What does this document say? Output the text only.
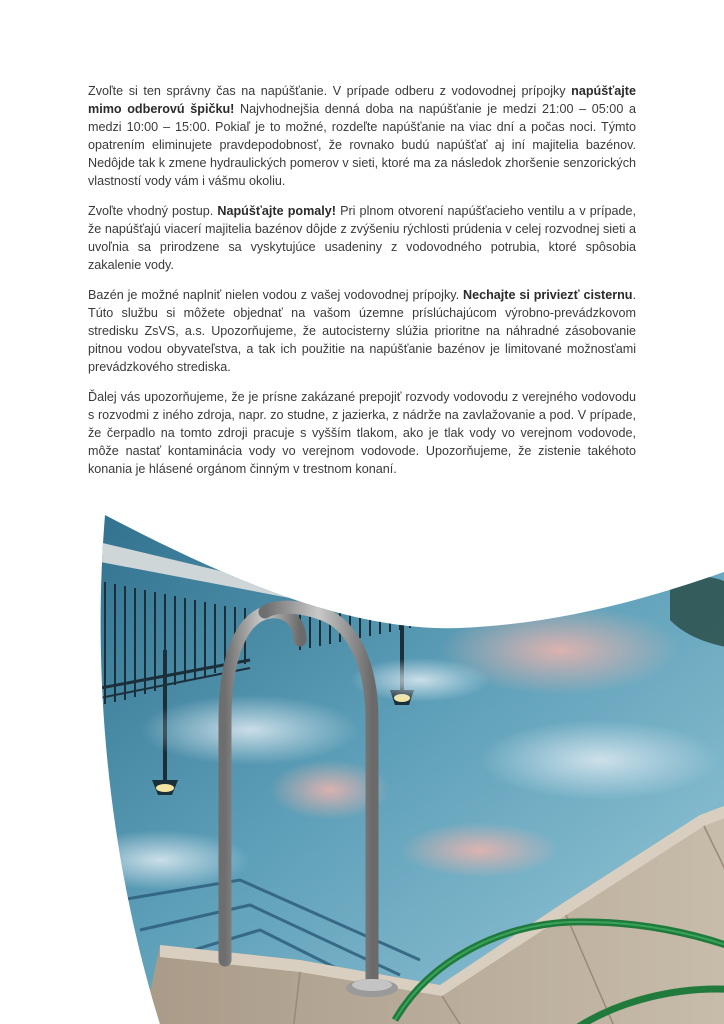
Zvoľte si ten správny čas na napúšťanie. V prípade odberu z vodovodnej prípojky napúšťajte mimo odberovú špičku! Najvhodnejšia denná doba na napúšťanie je medzi 21:00 – 05:00 a medzi 10:00 – 15:00. Pokiaľ je to možné, rozdeľte napúšťanie na viac dní a počas noci. Týmto opatrením eliminujete pravdepodobnosť, že rovnako budú napúšťať aj iní majitelia bazénov. Nedôjde tak k zmene hydraulických pomerov v sieti, ktoré ma za následok zhoršenie senzorických vlastností vody vám i vášmu okoliu.

Zvoľte vhodný postup. Napúšťajte pomaly! Pri plnom otvorení napúšťacieho ventilu a v prípade, že napúšťajú viacerí majitelia bazénov dôjde z zvýšeniu rýchlosti prúdenia v celej rozvodnej sieti a uvoľnia sa prirodzene sa vyskytujúce usadeniny z vodovodného potrubia, ktoré spôsobia zakalenie vody.

Bazén je možné naplniť nielen vodou z vašej vodovodnej prípojky. Nechajte si priviezť cisternu. Túto službu si môžete objednať na vašom územne príslúchajúcom výrobno-prevádzkovom stredisku ZsVS, a.s. Upozorňujeme, že autocisterny slúžia prioritne na náhradné zásobovanie pitnou vodou obyvateľstva, a tak ich použitie na napúšťanie bazénov je limitované možnosťami prevádzkového strediska.

Ďalej vás upozorňujeme, že je prísne zakázané prepojiť rozvody vodovodu z verejného vodovodu s rozvodmi z iného zdroja, napr. zo studne, z jazierka, z nádrže na zavlažovanie a pod. V prípade, že čerpadlo na tomto zdroji pracuje s vyšším tlakom, ako je tlak vody vo verejnom vodovode, môže nastať kontaminácia vody vo verejnom vodovode. Upozorňujeme, že zistenie takéhoto konania je hlásené orgánom činným v trestnom konaní.
